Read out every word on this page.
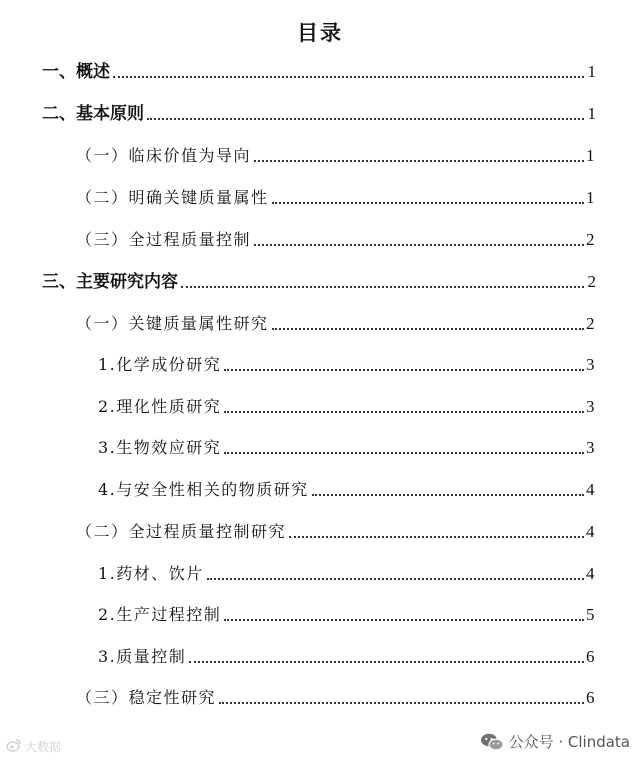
目录
一、概述	1
二、基本原则	1
（一）临床价值为导向	1
（二）明确关键质量属性	1
（三）全过程质量控制	2
三、主要研究内容	2
（一）关键质量属性研究	2
1.化学成份研究	3
2.理化性质研究	3
3.生物效应研究	3
4.与安全性相关的物质研究	4
（二）全过程质量控制研究	4
1.药材、饮片	4
2.生产过程控制	5
3.质量控制	6
（三）稳定性研究	6
大数据	公众号 · Clindata
